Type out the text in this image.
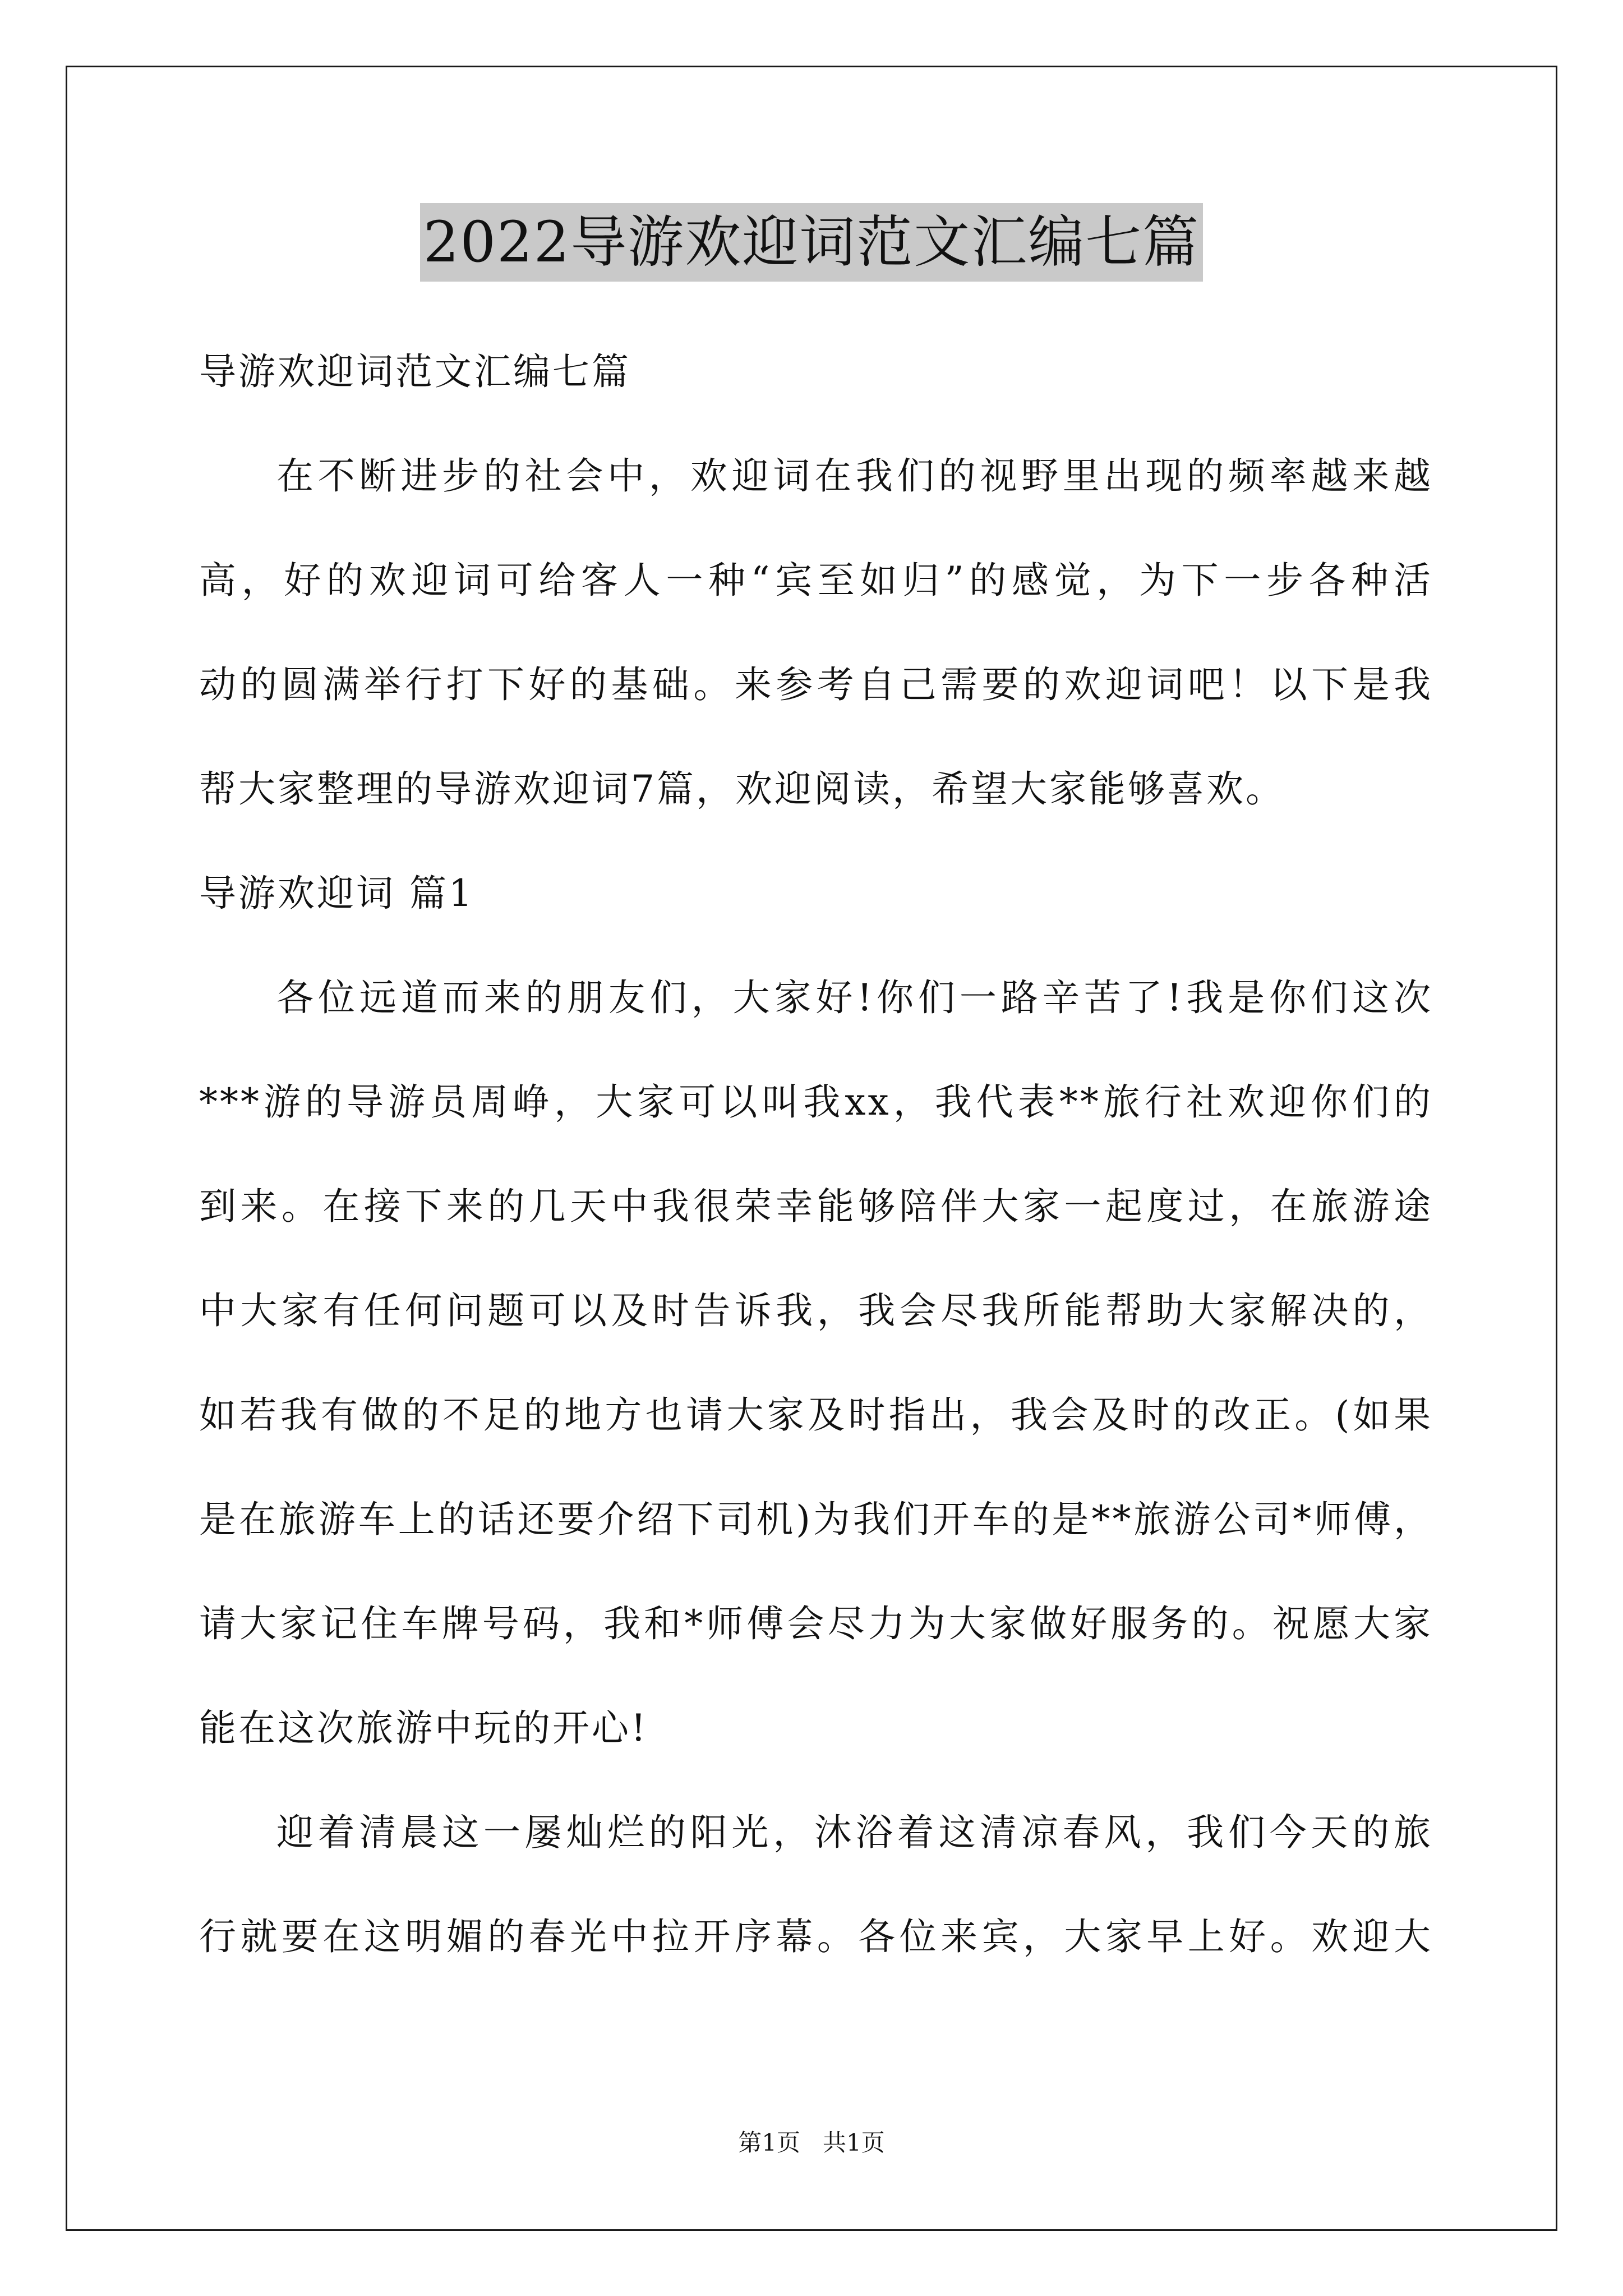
2022导游欢迎词范文汇编七篇
导游欢迎词范文汇编七篇
在不断进步的社会中，欢迎词在我们的视野里出现的频率越来越
高，好的欢迎词可给客人一种“宾至如归”的感觉，为下一步各种活
动的圆满举行打下好的基础。来参考自己需要的欢迎词吧！以下是我
帮大家整理的导游欢迎词7篇，欢迎阅读，希望大家能够喜欢。
导游欢迎词 篇1
各位远道而来的朋友们，大家好!你们一路辛苦了!我是你们这次
***游的导游员周峥，大家可以叫我xx，我代表**旅行社欢迎你们的
到来。在接下来的几天中我很荣幸能够陪伴大家一起度过，在旅游途
中大家有任何问题可以及时告诉我，我会尽我所能帮助大家解决的，
如若我有做的不足的地方也请大家及时指出，我会及时的改正。(如果
是在旅游车上的话还要介绍下司机)为我们开车的是**旅游公司*师傅，
请大家记住车牌号码，我和*师傅会尽力为大家做好服务的。祝愿大家
能在这次旅游中玩的开心!
迎着清晨这一屡灿烂的阳光，沐浴着这清凉春风，我们今天的旅
行就要在这明媚的春光中拉开序幕。各位来宾，大家早上好。欢迎大
第1页 共1页
